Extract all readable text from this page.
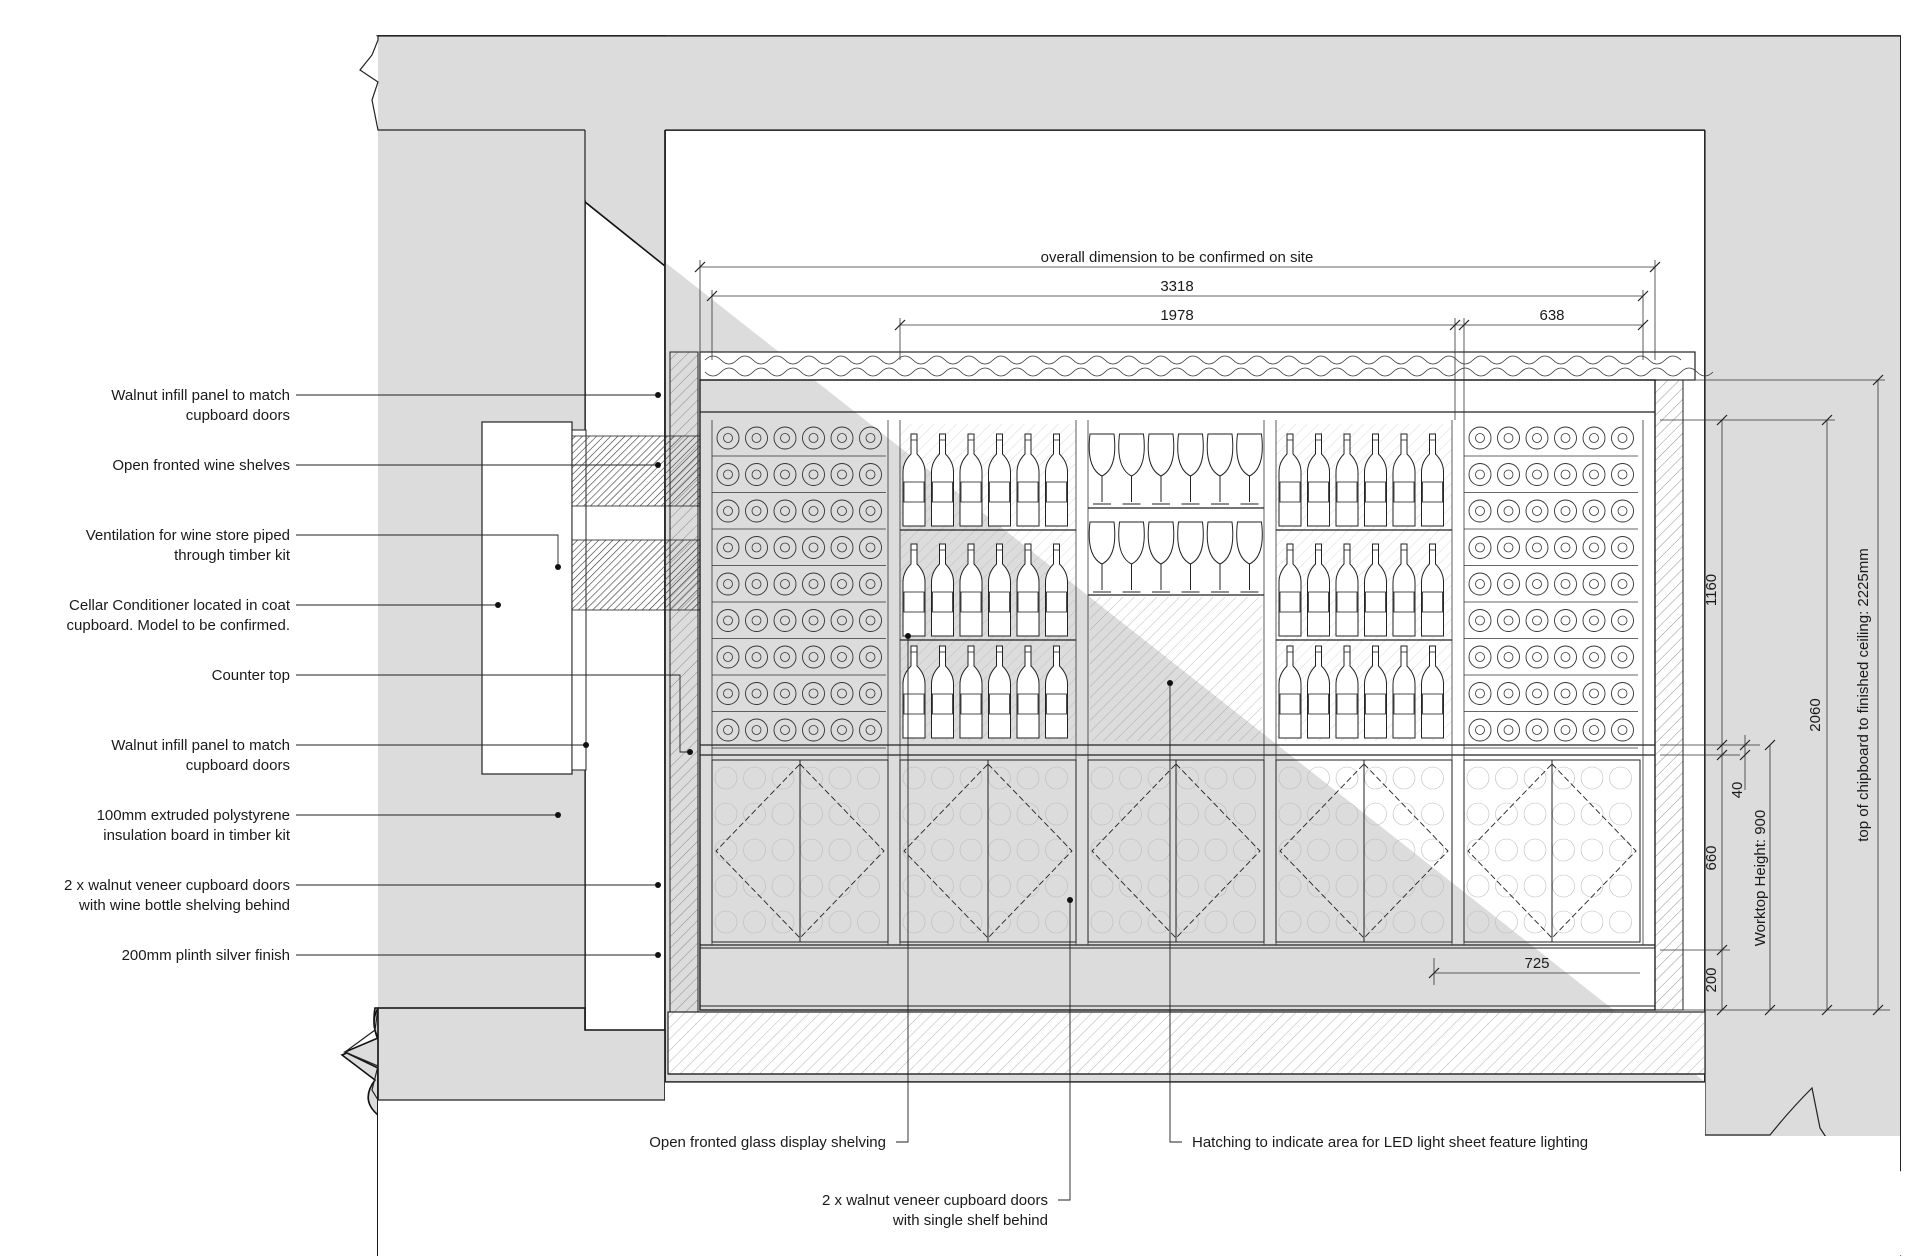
overall dimension to be confirmed on site
3318
1978	638
725
1160
40
660
200
Worktop Height: 900
2060 top of chipboard to finished ceiling: 2225mm
Walnut infill panel to match
cupboard doors
Open fronted wine shelves
Ventilation for wine store piped
through timber kit
Cellar Conditioner located in coat
cupboard. Model to be confirmed.
Counter top
Walnut infill panel to match
cupboard doors
100mm extruded polystyrene
insulation board in timber kit
2 x walnut veneer cupboard doors
with wine bottle shelving behind
200mm plinth silver finish
Open fronted glass display shelving	Hatching to indicate area for LED light sheet feature lighting
2 x walnut veneer cupboard doors
with single shelf behind
